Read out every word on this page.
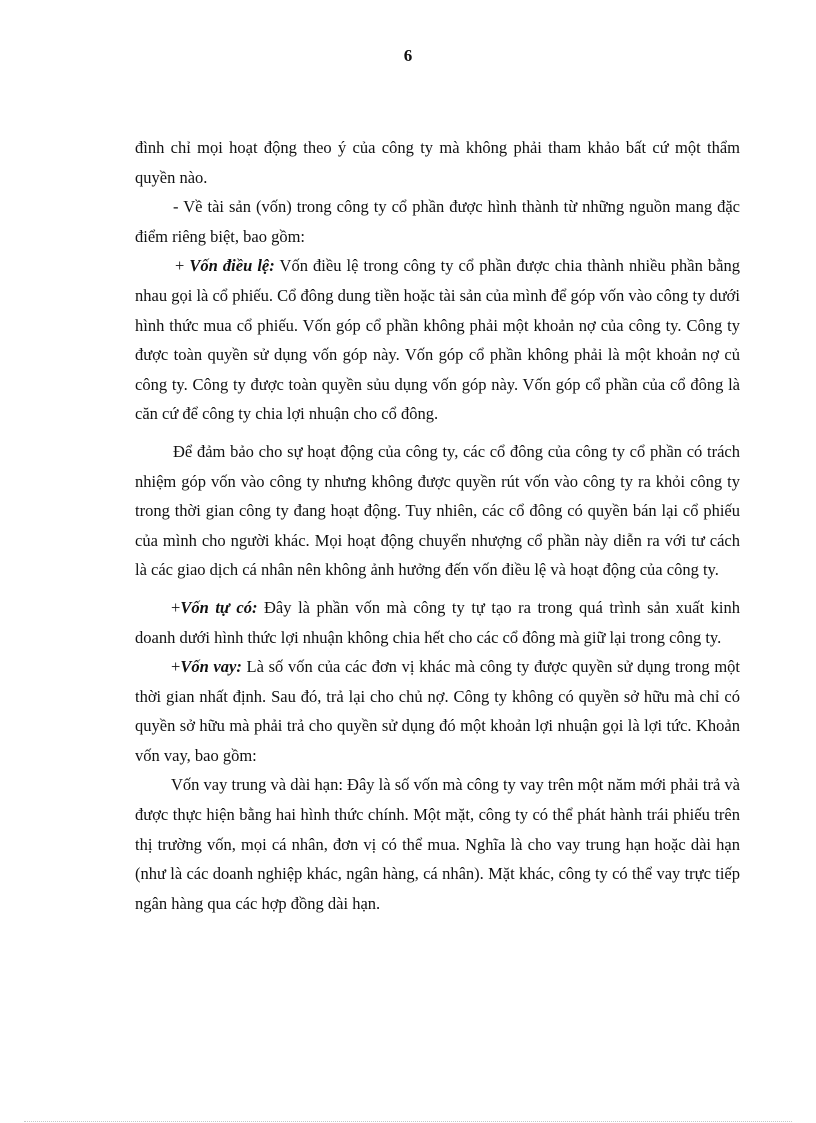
6

đình chỉ mọi hoạt động theo ý của công ty mà không phải tham khảo bất cứ một thẩm quyền nào.

- Về tài sản (vốn) trong công ty cổ phần được hình thành từ những nguồn mang đặc điểm riêng biệt, bao gồm:

+ Vốn điều lệ: Vốn điều lệ trong công ty cổ phần được chia thành nhiều phần bằng nhau gọi là cổ phiếu. Cổ đông dung tiền hoặc tài sản của mình để góp vốn vào công ty dưới hình thức mua cổ phiếu. Vốn góp cổ phần không phải một khoản nợ của công ty. Công ty được toàn quyền sử dụng vốn góp này. Vốn góp cổ phần không phải là một khoản nợ củ công ty. Công ty được toàn quyền sủu dụng vốn góp này. Vốn góp cổ phần của cổ đông là căn cứ để công ty chia lợi nhuận cho cổ đông.

Để đảm bảo cho sự hoạt động của công ty, các cổ đông của công ty cổ phần có trách nhiệm góp vốn vào công ty nhưng không được quyền rút vốn vào công ty ra khỏi công ty trong thời gian công ty đang hoạt động. Tuy nhiên, các cổ đông có quyền bán lại cổ phiếu của mình cho người khác. Mọi hoạt động chuyển nhượng cổ phần này diễn ra với tư cách là các giao dịch cá nhân nên không ảnh hưởng đến vốn điều lệ và hoạt động của công ty.

+Vốn tự có: Đây là phần vốn mà công ty tự tạo ra trong quá trình sản xuất kinh doanh dưới hình thức lợi nhuận không chia hết cho các cổ đông mà giữ lại trong công ty.

+Vốn vay: Là số vốn của các đơn vị khác mà công ty được quyền sử dụng trong một thời gian nhất định. Sau đó, trả lại cho chủ nợ. Công ty không có quyền sở hữu mà chỉ có quyền sở hữu mà phải trả cho quyền sử dụng đó một khoản lợi nhuận gọi là lợi tức. Khoản vốn vay, bao gồm:

Vốn vay trung và dài hạn: Đây là số vốn mà công ty vay trên một năm mới phải trả và được thực hiện bằng hai hình thức chính. Một mặt, công ty có thể phát hành trái phiếu trên thị trường vốn, mọi cá nhân, đơn vị có thể mua. Nghĩa là cho vay trung hạn hoặc dài hạn (như là các doanh nghiệp khác, ngân hàng, cá nhân). Mặt khác, công ty có thể vay trực tiếp ngân hàng qua các hợp đồng dài hạn.
